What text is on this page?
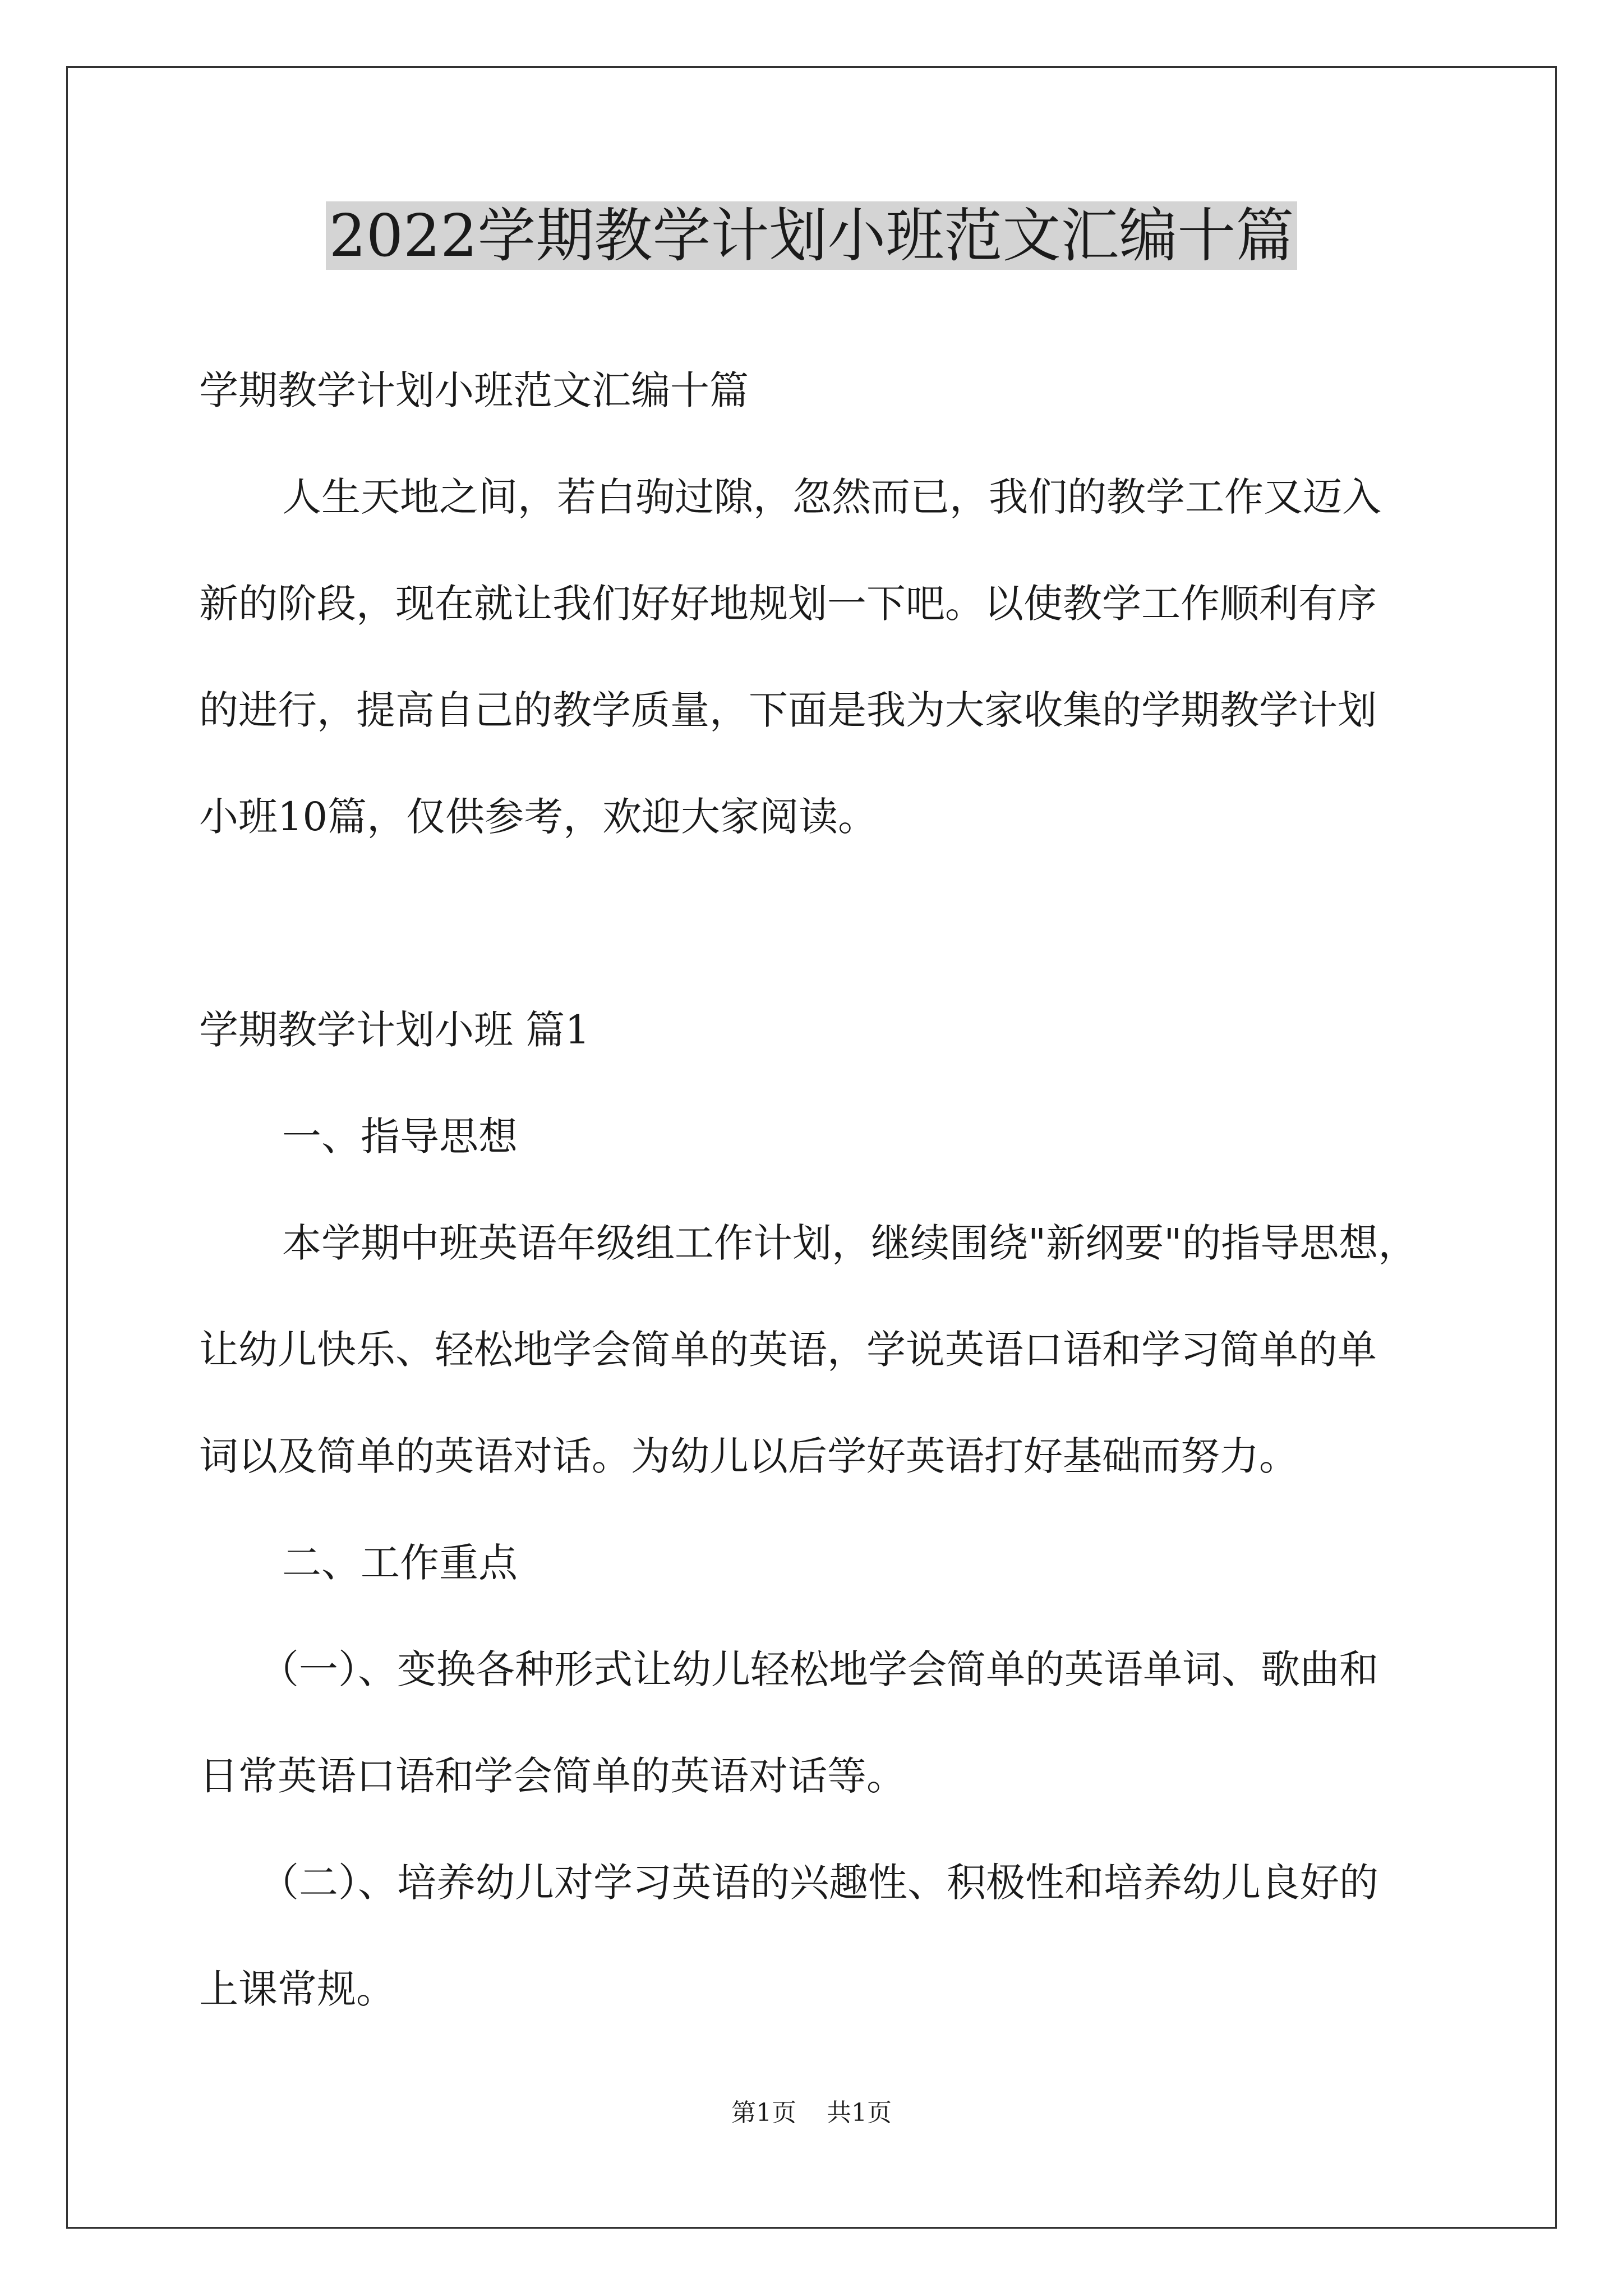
2022学期教学计划小班范文汇编十篇
学期教学计划小班范文汇编十篇
人生天地之间，若白驹过隙，忽然而已，我们的教学工作又迈入
新的阶段，现在就让我们好好地规划一下吧。以使教学工作顺利有序
的进行，提高自己的教学质量，下面是我为大家收集的学期教学计划
小班10篇，仅供参考，欢迎大家阅读。
学期教学计划小班 篇1
一、指导思想
本学期中班英语年级组工作计划，继续围绕"新纲要"的指导思想，
让幼儿快乐、轻松地学会简单的英语，学说英语口语和学习简单的单
词以及简单的英语对话。为幼儿以后学好英语打好基础而努力。
二、工作重点
（一）、变换各种形式让幼儿轻松地学会简单的英语单词、歌曲和
日常英语口语和学会简单的英语对话等。
（二）、培养幼儿对学习英语的兴趣性、积极性和培养幼儿良好的
上课常规。
第1页 共1页
